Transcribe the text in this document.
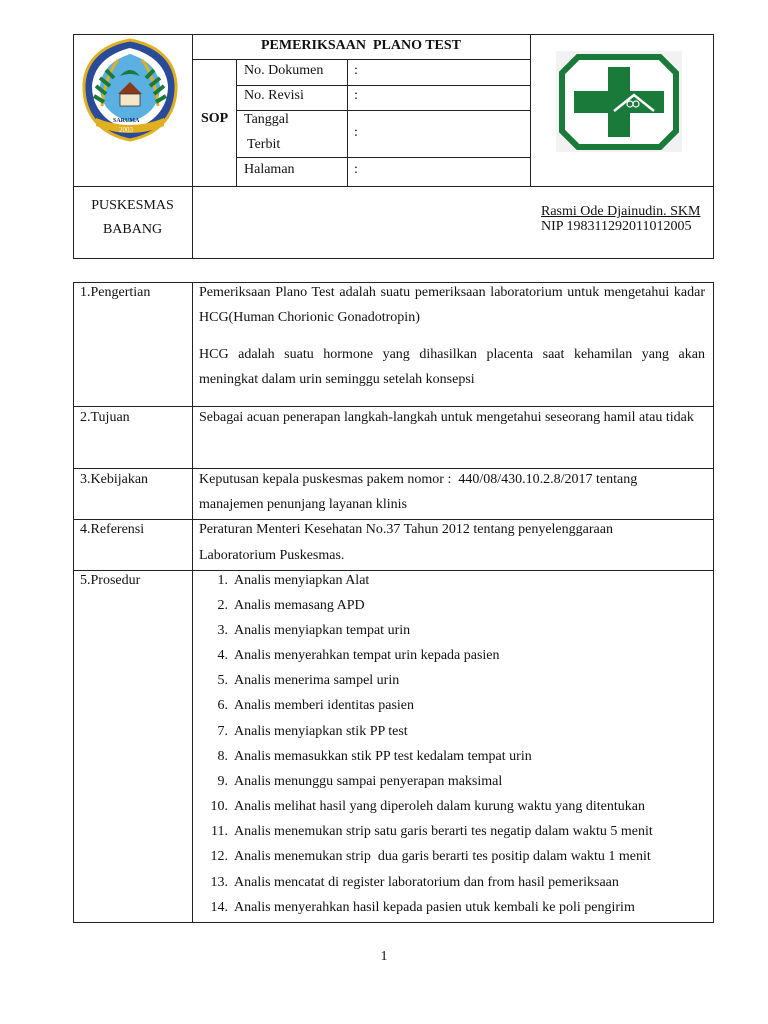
SARUMA
2003
PEMERIKSAAN  PLANO TEST
SOP
No. Dokumen :
No. Revisi	:
Tanggal
Terbit
:
Halaman	:
PUSKESMAS
BABANG
Rasmi Ode Djainudin. SKM
NIP 198311292011012005
1.Pengertian	Pemeriksaan Plano Test adalah suatu pemeriksaan laboratorium untuk mengetahui kadar HCG(Human Chorionic Gonadotropin)
HCG adalah suatu hormone yang dihasilkan placenta saat kehamilan yang akan meningkat dalam urin seminggu setelah konsepsi
2.Tujuan	Sebagai acuan penerapan langkah-langkah untuk mengetahui seseorang hamil atau tidak
3.Kebijakan	Keputusan kepala puskesmas pakem nomor :  440/08/430.10.2.8/2017 tentang
manajemen penunjang layanan klinis
4.Referensi	Peraturan Menteri Kesehatan No.37 Tahun 2012 tentang penyelenggaraan
Laboratorium Puskesmas.
5.Prosedur	1. Analis menyiapkan Alat
2. Analis memasang APD
3. Analis menyiapkan tempat urin
4. Analis menyerahkan tempat urin kepada pasien
5. Analis menerima sampel urin
6. Analis memberi identitas pasien
7. Analis menyiapkan stik PP test
8. Analis memasukkan stik PP test kedalam tempat urin
9. Analis menunggu sampai penyerapan maksimal
10. Analis melihat hasil yang diperoleh dalam kurung waktu yang ditentukan
11. Analis menemukan strip satu garis berarti tes negatip dalam waktu 5 menit
12. Analis menemukan strip  dua garis berarti tes positip dalam waktu 1 menit
13. Analis mencatat di register laboratorium dan from hasil pemeriksaan
14. Analis menyerahkan hasil kepada pasien utuk kembali ke poli pengirim
1
